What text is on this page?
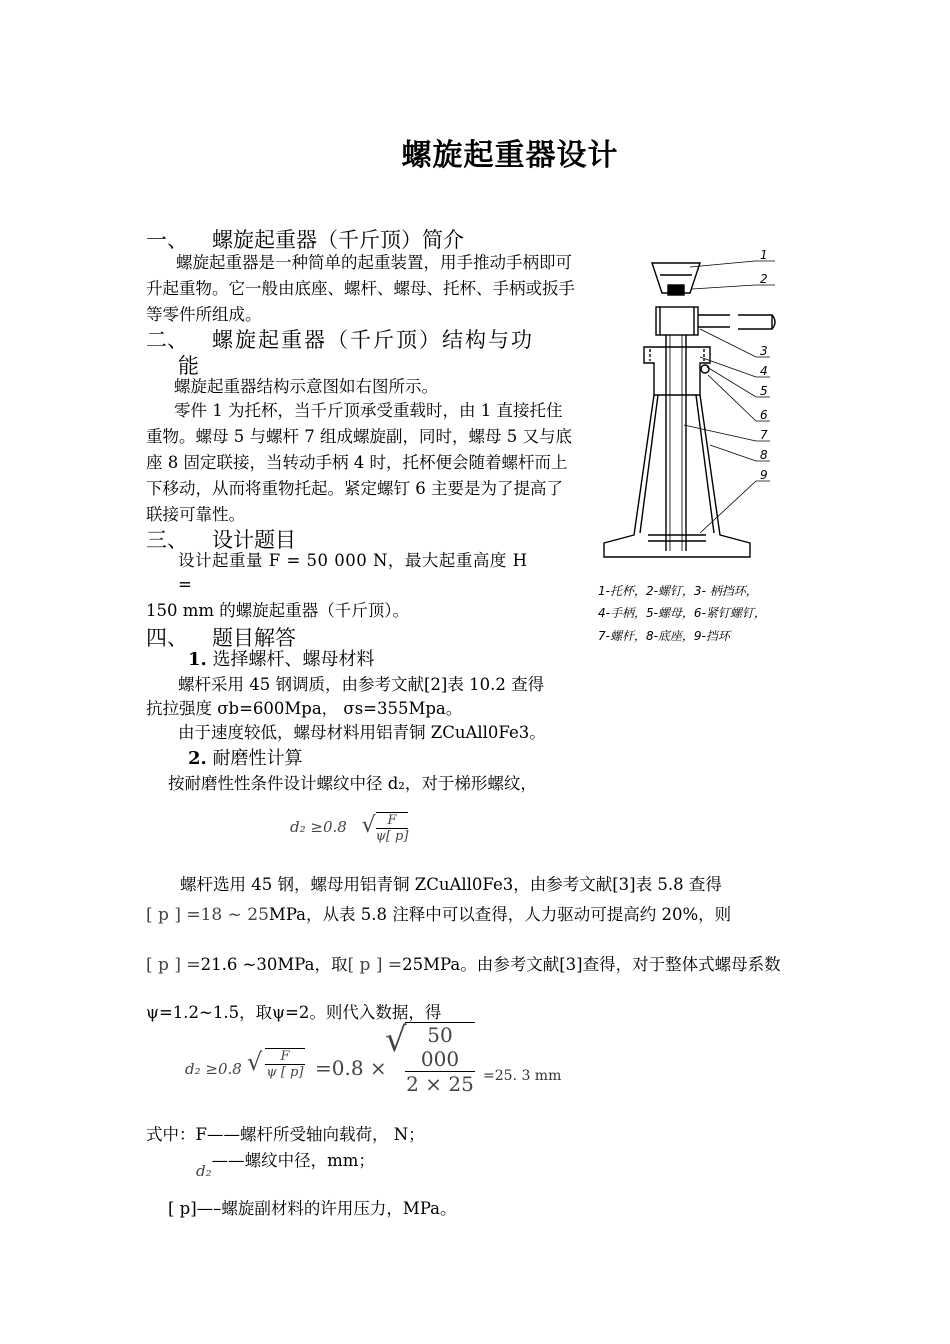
螺旋起重器设计
一、 螺旋起重器（千斤顶）简介
螺旋起重器是一种简单的起重装置，用手推动手柄即可升起重物。它一般由底座、螺杆、螺母、托杯、手柄或扳手等零件所组成。
二、 螺旋起重器（千斤顶）结构与功
能
螺旋起重器结构示意图如右图所示。
零件 1 为托杯，当千斤顶承受重载时，由 1 直接托住重物。螺母 5 与螺杆 7 组成螺旋副，同时，螺母 5 又与底座 8 固定联接，当转动手柄 4 时，托杯便会随着螺杆而上下移动，从而将重物托起。紧定螺钉 6 主要是为了提高了联接可靠性。
三、 设计题目
设计起重量 F = 50 000 N，最大起重高度 H
=
150 mm 的螺旋起重器（千斤顶）。
四、 题目解答
1. 选择螺杆、螺母材料
螺杆采用 45 钢调质，由参考文献[2]表 10.2 查得
抗拉强度 σb=600Mpa， σs=355Mpa。
由于速度较低，螺母材料用铝青铜 ZCuAll0Fe3。
2. 耐磨性计算
按耐磨性性条件设计螺纹中径 d₂，对于梯形螺纹，
d₂ ≥0.8 √ $\frac{F}{\psi[ p]}$
螺杆选用 45 钢，螺母用铝青铜 ZCuAll0Fe3，由参考文献[3]表 5.8 查得
[ p ] =18 ~ 25MPa，从表 5.8 注释中可以查得，人力驱动可提高约 20%，则
[ p ] =21.6 ~30MPa，取[ p ] =25MPa。由参考文献[3]查得，对于整体式螺母系数
ψ=1.2~1.5，取ψ=2。则代入数据，得
d₂ ≥0.8 √ $\frac{F}{\psi [ p]} =0.8$ ×
√
$\frac{50 000}{2 \times 25} =25$. 3 mm
式中：F——螺杆所受轴向载荷， N；
d₂——螺纹中径，mm；
[ p]—–螺旋副材料的许用压力，MPa。
1
2
3
4
5
6
7
8
9
1-托杯，2-螺钉，3- 柄挡环，
4-手柄，5-螺母，6-紧钉螺钉，
7-螺杆，8-底座，9-挡环
